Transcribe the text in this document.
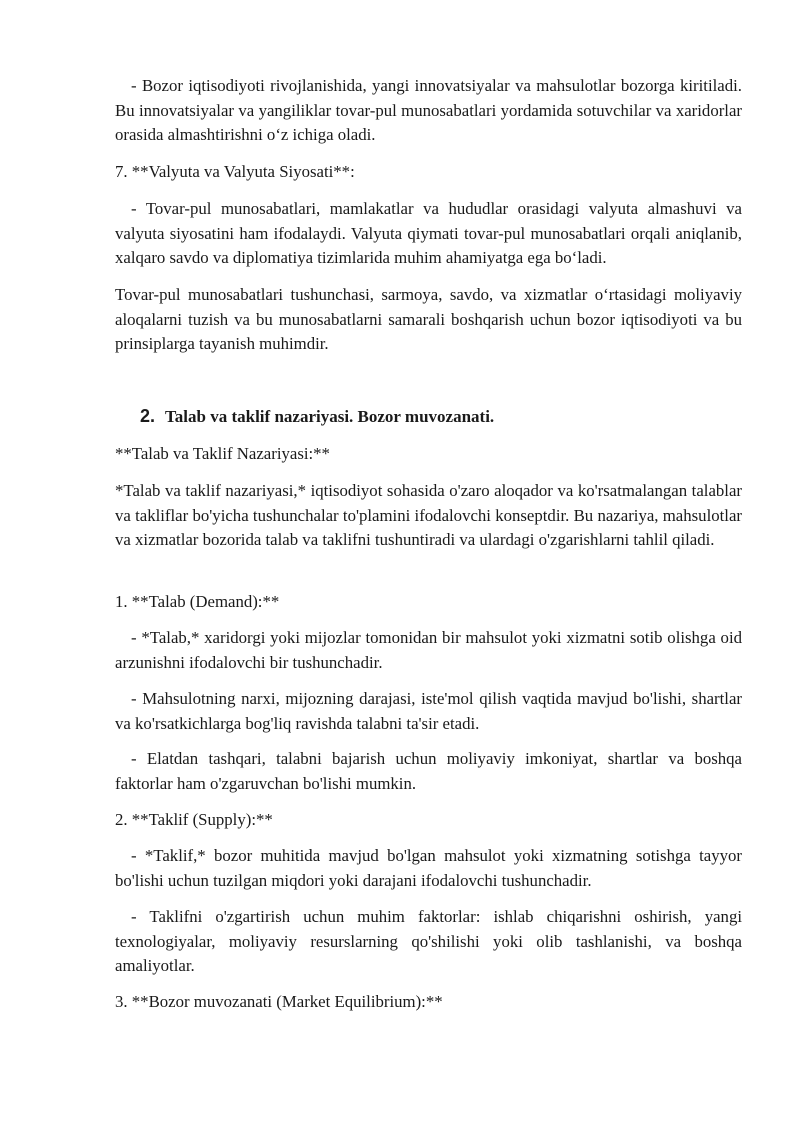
- Bozor iqtisodiyoti rivojlanishida, yangi innovatsiyalar va mahsulotlar bozorga kiritiladi. Bu innovatsiyalar va yangiliklar tovar-pul munosabatlari yordamida sotuvchilar va xaridorlar orasida almashtirishni o‘z ichiga oladi.

7. **Valyuta va Valyuta Siyosati**:

- Tovar-pul munosabatlari, mamlakatlar va hududlar orasidagi valyuta almashuvi va valyuta siyosatini ham ifodalaydi. Valyuta qiymati tovar-pul munosabatlari orqali aniqlanib, xalqaro savdo va diplomatiya tizimlarida muhim ahamiyatga ega bo‘ladi.

Tovar-pul munosabatlari tushunchasi, sarmoya, savdo, va xizmatlar o‘rtasidagi moliyaviy aloqalarni tuzish va bu munosabatlarni samarali boshqarish uchun bozor iqtisodiyoti va bu prinsiplarga tayanish muhimdir.

2. Talab va taklif nazariyasi. Bozor muvozanati.

**Talab va Taklif Nazariyasi:**

*Talab va taklif nazariyasi,* iqtisodiyot sohasida o'zaro aloqador va ko'rsatmalangan talablar va takliflar bo'yicha tushunchalar to'plamini ifodalovchi konseptdir. Bu nazariya, mahsulotlar va xizmatlar bozorida talab va taklifni tushuntiradi va ulardagi o'zgarishlarni tahlil qiladi.

1. **Talab (Demand):**

- *Talab,* xaridorgi yoki mijozlar tomonidan bir mahsulot yoki xizmatni sotib olishga oid arzunishni ifodalovchi bir tushunchadir.

- Mahsulotning narxi, mijozning darajasi, iste'mol qilish vaqtida mavjud bo'lishi, shartlar va ko'rsatkichlarga bog'liq ravishda talabni ta'sir etadi.

- Elatdan tashqari, talabni bajarish uchun moliyaviy imkoniyat, shartlar va boshqa faktorlar ham o'zgaruvchan bo'lishi mumkin.

2. **Taklif (Supply):**

- *Taklif,* bozor muhitida mavjud bo'lgan mahsulot yoki xizmatning sotishga tayyor bo'lishi uchun tuzilgan miqdori yoki darajani ifodalovchi tushunchadir.

- Taklifni o'zgartirish uchun muhim faktorlar: ishlab chiqarishni oshirish, yangi texnologiyalar, moliyaviy resurslarning qo'shilishi yoki olib tashlanishi, va boshqa amaliyotlar.

3. **Bozor muvozanati (Market Equilibrium):**
